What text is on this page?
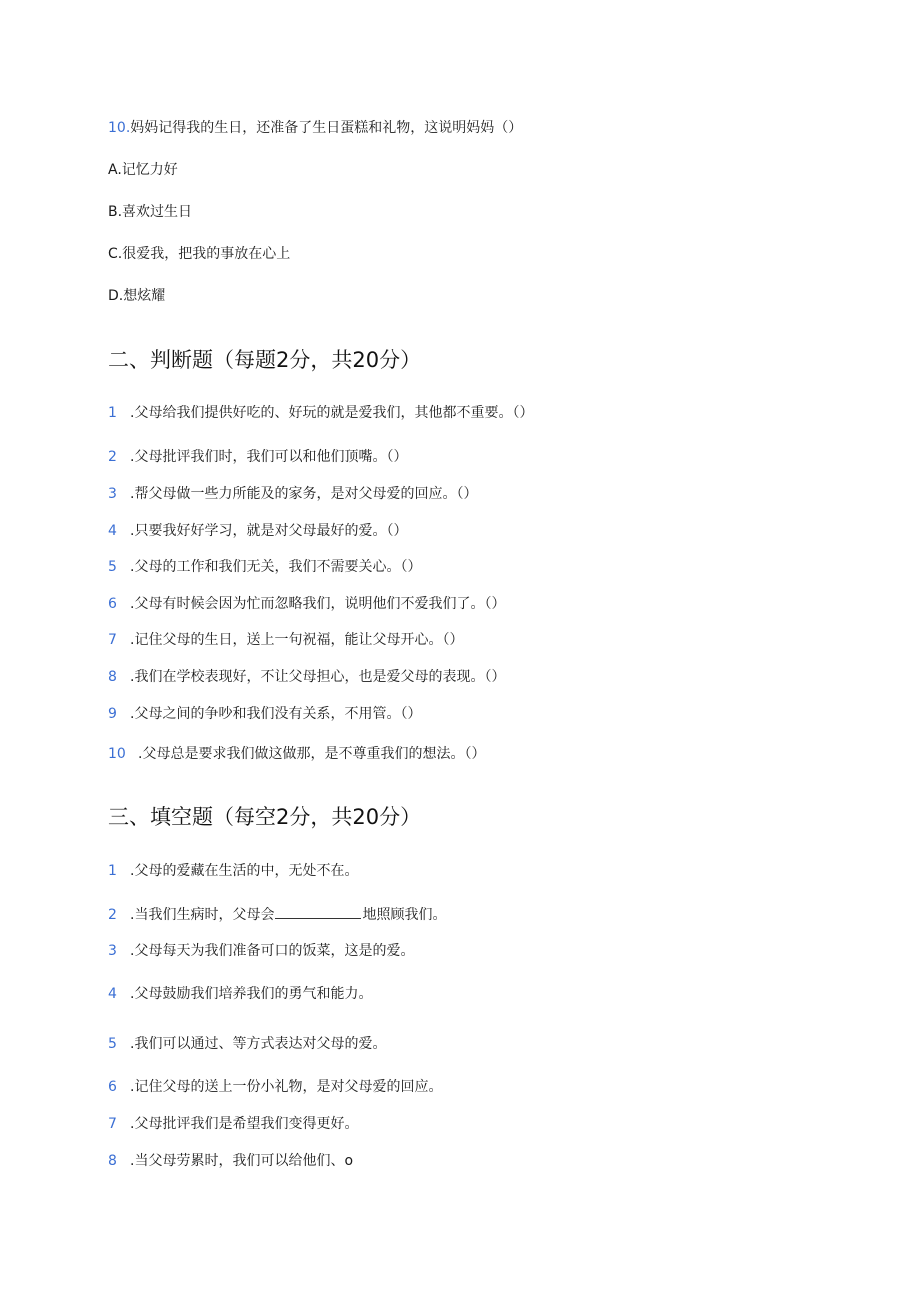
10.妈妈记得我的生日，还准备了生日蛋糕和礼物，这说明妈妈（）
A.记忆力好
B.喜欢过生日
C.很爱我，把我的事放在心上
D.想炫耀
二、判断题（每题2分，共20分）
1 .父母给我们提供好吃的、好玩的就是爱我们，其他都不重要。（）
2 .父母批评我们时，我们可以和他们顶嘴。（）
3 .帮父母做一些力所能及的家务，是对父母爱的回应。（）
4 .只要我好好学习，就是对父母最好的爱。（）
5 .父母的工作和我们无关，我们不需要关心。（）
6 .父母有时候会因为忙而忽略我们，说明他们不爱我们了。（）
7 .记住父母的生日，送上一句祝福，能让父母开心。（）
8 .我们在学校表现好，不让父母担心，也是爱父母的表现。（）
9 .父母之间的争吵和我们没有关系，不用管。（）
10 .父母总是要求我们做这做那，是不尊重我们的想法。（）
三、填空题（每空2分，共20分）
1 .父母的爱藏在生活的中，无处不在。
2 .当我们生病时，父母会	地照顾我们。
3 .父母每天为我们准备可口的饭菜，这是的爱。
4 .父母鼓励我们培养我们的勇气和能力。
5 .我们可以通过、等方式表达对父母的爱。
6 .记住父母的送上一份小礼物，是对父母爱的回应。
7 .父母批评我们是希望我们变得更好。
8 .当父母劳累时，我们可以给他们、o
